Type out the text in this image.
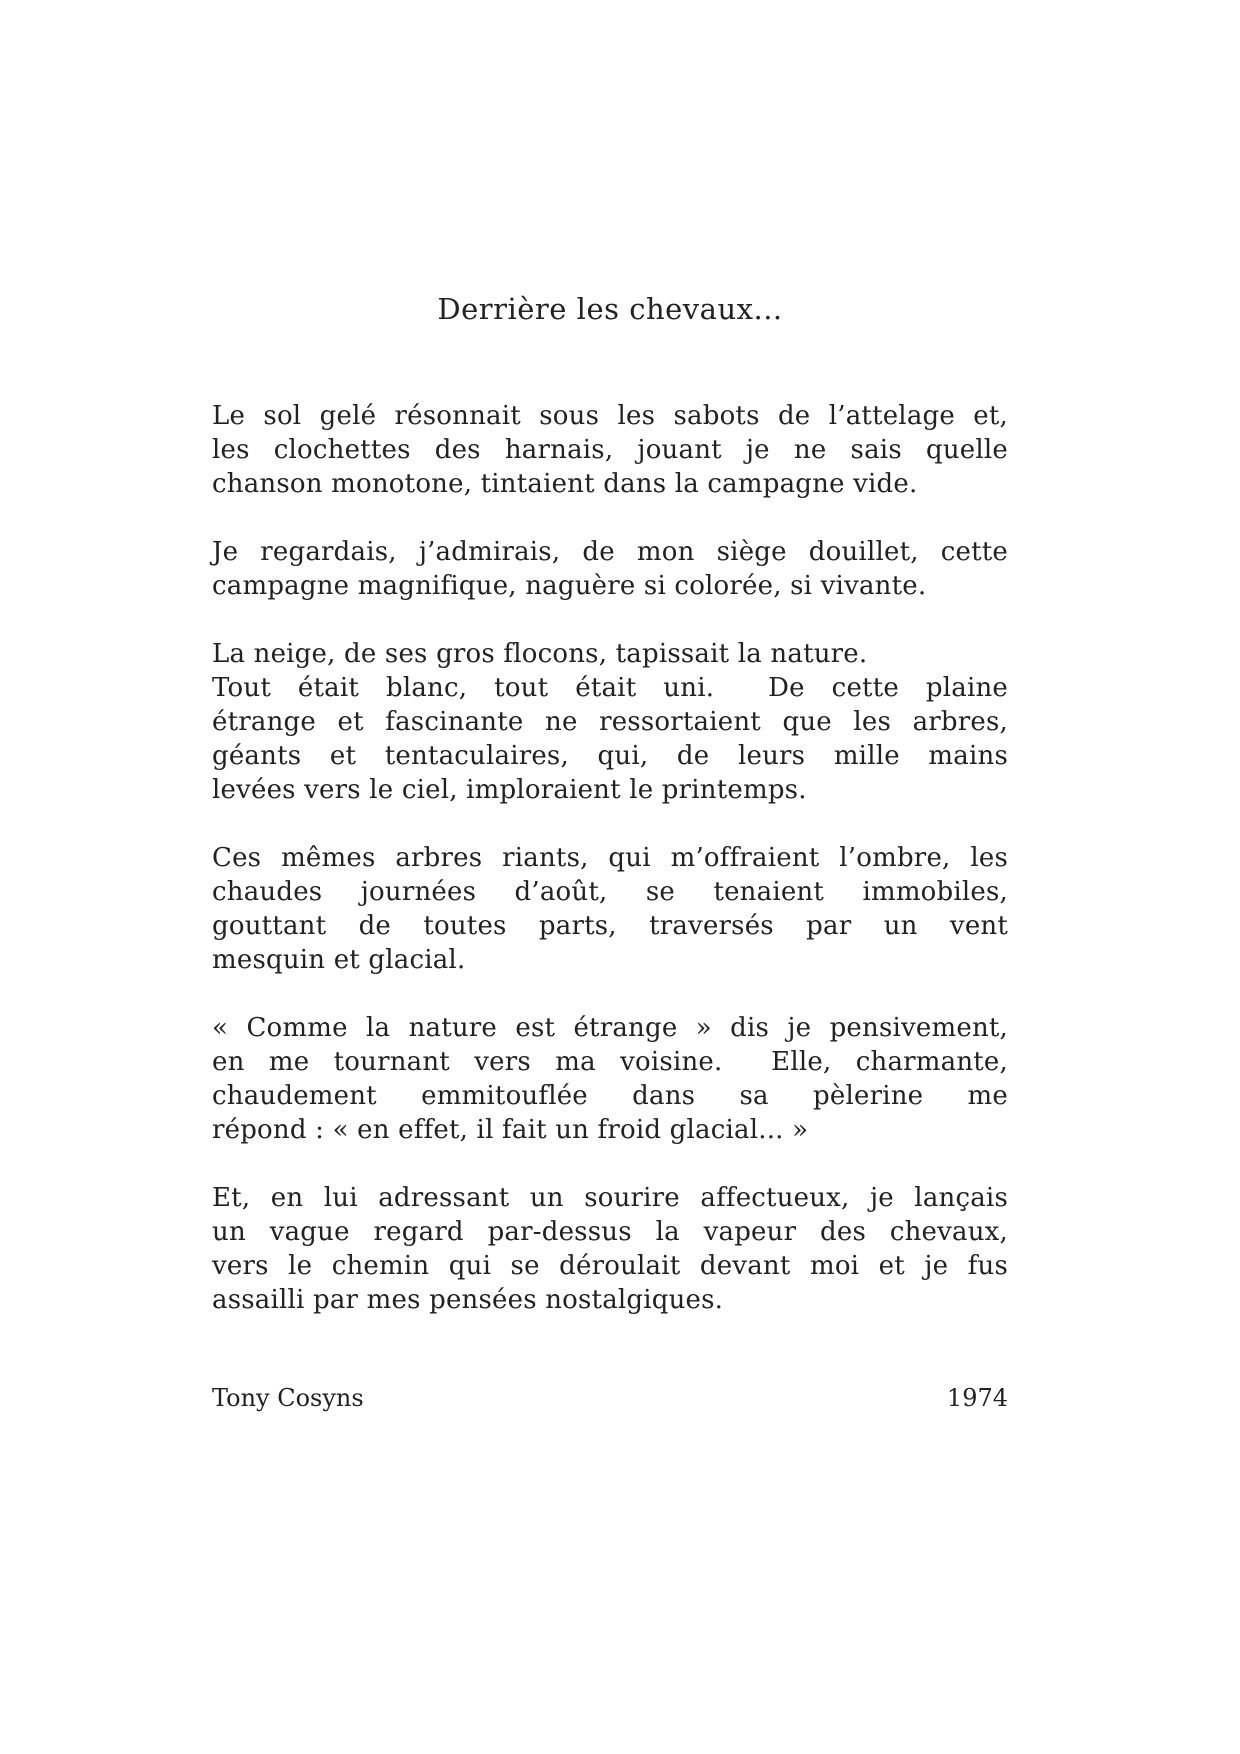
Derrière les chevaux...
Le sol gelé résonnait sous les sabots de l’attelage et,
les clochettes des harnais, jouant je ne sais quelle
chanson monotone, tintaient dans la campagne vide.
Je regardais, j’admirais, de mon siège douillet, cette
campagne magnifique, naguère si colorée, si vivante.
La neige, de ses gros flocons, tapissait la nature.
Tout était blanc, tout était uni.  De cette plaine
étrange et fascinante ne ressortaient que les arbres,
géants et tentaculaires, qui, de leurs mille mains
levées vers le ciel, imploraient le printemps.
Ces mêmes arbres riants, qui m’offraient l’ombre, les
chaudes journées d’août, se tenaient immobiles,
gouttant de toutes parts, traversés par un vent
mesquin et glacial.
« Comme la nature est étrange » dis je pensivement,
en me tournant vers ma voisine.  Elle, charmante,
chaudement emmitouflée dans sa pèlerine me
répond : « en effet, il fait un froid glacial... »
Et, en lui adressant un sourire affectueux, je lançais
un vague regard par-dessus la vapeur des chevaux,
vers le chemin qui se déroulait devant moi et je fus
assailli par mes pensées nostalgiques.
Tony Cosyns	1974
